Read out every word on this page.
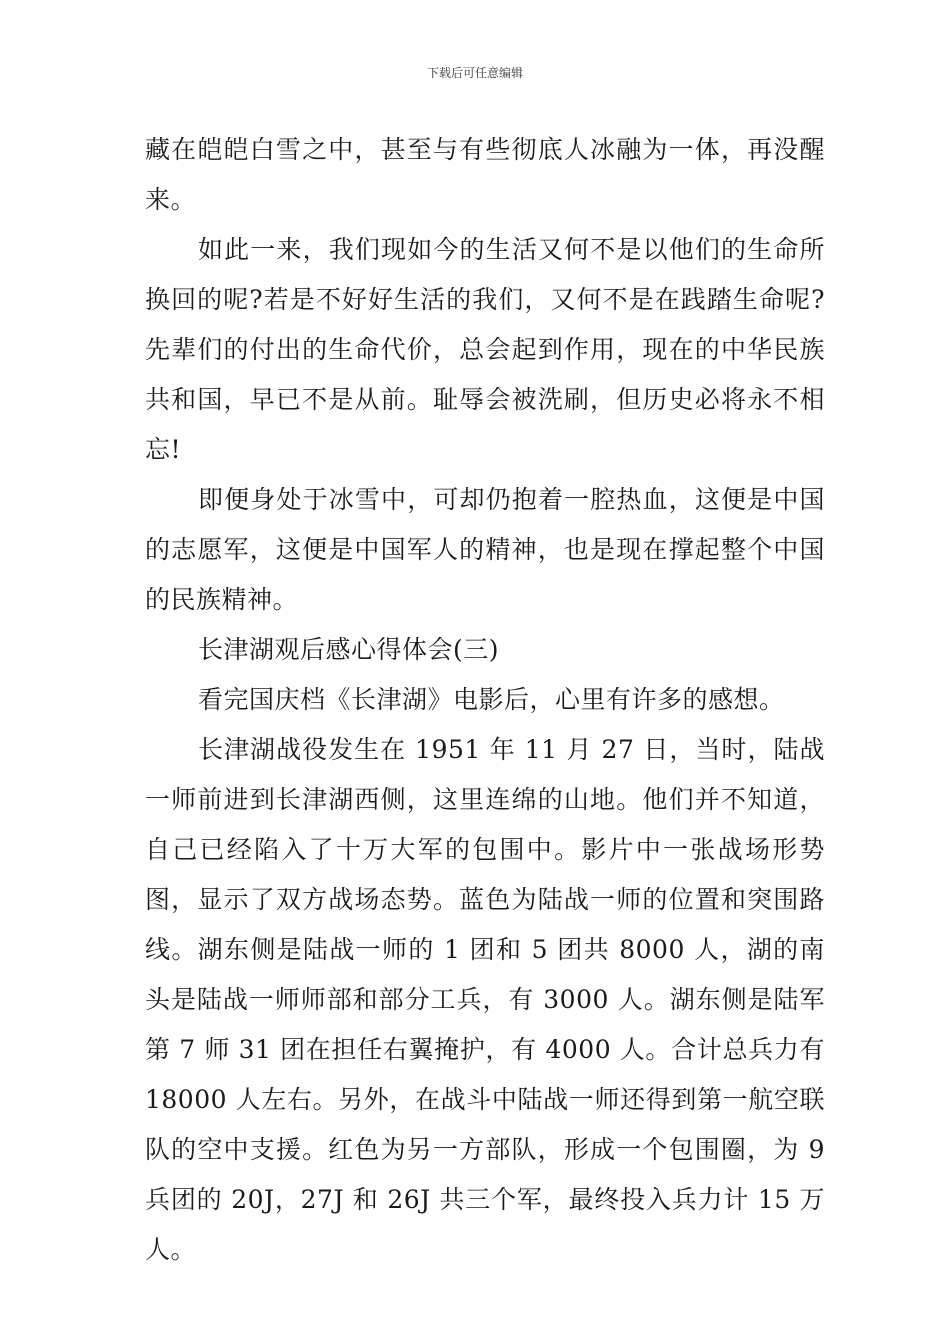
下载后可任意编辑

藏在皑皑白雪之中，甚至与有些彻底人冰融为一体，再没醒来。

如此一来，我们现如今的生活又何不是以他们的生命所换回的呢?若是不好好生活的我们，又何不是在践踏生命呢?先辈们的付出的生命代价，总会起到作用，现在的中华民族共和国，早已不是从前。耻辱会被洗刷，但历史必将永不相忘!

即便身处于冰雪中，可却仍抱着一腔热血，这便是中国的志愿军，这便是中国军人的精神，也是现在撑起整个中国的民族精神。

长津湖观后感心得体会(三)

看完国庆档《长津湖》电影后，心里有许多的感想。

长津湖战役发生在 1951 年 11 月 27 日，当时，陆战一师前进到长津湖西侧，这里连绵的山地。他们并不知道，自己已经陷入了十万大军的包围中。影片中一张战场形势图，显示了双方战场态势。蓝色为陆战一师的位置和突围路线。湖东侧是陆战一师的 1 团和 5 团共 8000 人，湖的南头是陆战一师师部和部分工兵，有 3000 人。湖东侧是陆军第 7 师 31 团在担任右翼掩护，有 4000 人。合计总兵力有18000 人左右。另外，在战斗中陆战一师还得到第一航空联队的空中支援。红色为另一方部队，形成一个包围圈，为 9兵团的 20J，27J 和 26J 共三个军，最终投入兵力计 15 万人。
